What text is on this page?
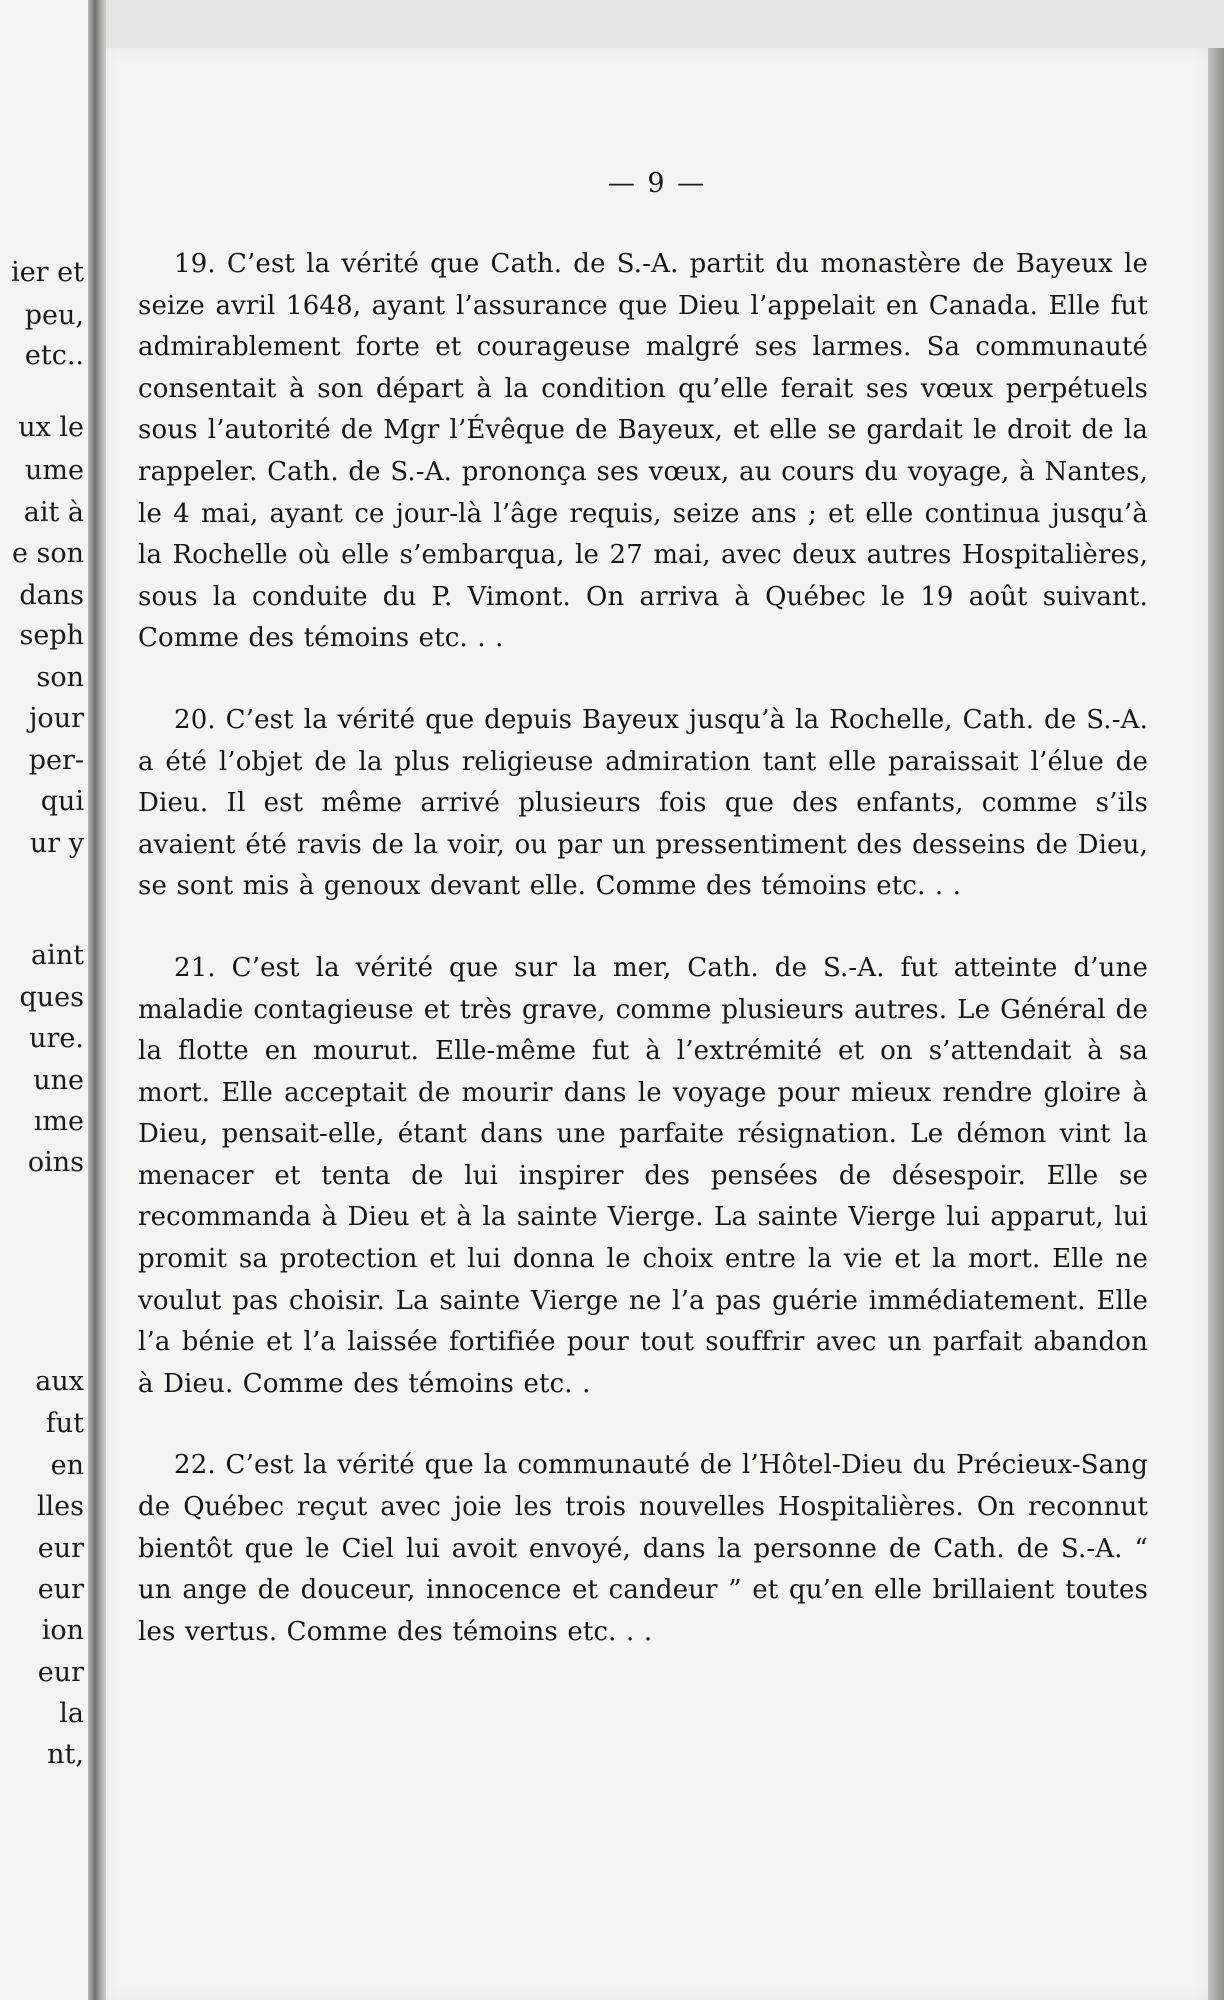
ier et
peu,
etc..
ux le
ume
ait à
e son
dans
seph
son
jour
per-
qui
ur y
aint
ques
ure.
une
ıme
oins
aux
fut
en
lles
eur
eur
ion
eur
la
nt,
— 9 —

19. C’est la vérité que Cath. de S.-A. partit du monastère de Bayeux le seize avril 1648, ayant l’assurance que Dieu l’appelait en Canada. Elle fut admirablement forte et courageuse malgré ses larmes. Sa communauté consentait à son départ à la condition qu’elle ferait ses vœux perpétuels sous l’autorité de Mgr l’Évêque de Bayeux, et elle se gardait le droit de la rappeler. Cath. de S.-A. prononça ses vœux, au cours du voyage, à Nantes, le 4 mai, ayant ce jour-là l’âge requis, seize ans ; et elle continua jusqu’à la Rochelle où elle s’embarqua, le 27 mai, avec deux autres Hospitalières, sous la conduite du P. Vimont. On arriva à Québec le 19 août suivant. Comme des témoins etc. . .

20. C’est la vérité que depuis Bayeux jusqu’à la Rochelle, Cath. de S.-A. a été l’objet de la plus religieuse admiration tant elle paraissait l’élue de Dieu. Il est même arrivé plusieurs fois que des enfants, comme s’ils avaient été ravis de la voir, ou par un pressentiment des desseins de Dieu, se sont mis à genoux devant elle. Comme des témoins etc. . .

21. C’est la vérité que sur la mer, Cath. de S.-A. fut atteinte d’une maladie contagieuse et très grave, comme plusieurs autres. Le Général de la flotte en mourut. Elle-même fut à l’extrémité et on s’attendait à sa mort. Elle acceptait de mourir dans le voyage pour mieux rendre gloire à Dieu, pensait-elle, étant dans une parfaite résignation. Le démon vint la menacer et tenta de lui inspirer des pensées de désespoir. Elle se recommanda à Dieu et à la sainte Vierge. La sainte Vierge lui apparut, lui promit sa protection et lui donna le choix entre la vie et la mort. Elle ne voulut pas choisir. La sainte Vierge ne l’a pas guérie immédiatement. Elle l’a bénie et l’a laissée fortifiée pour tout souffrir avec un parfait abandon à Dieu. Comme des témoins etc. .

22. C’est la vérité que la communauté de l’Hôtel-Dieu du Précieux-Sang de Québec reçut avec joie les trois nouvelles Hospitalières. On reconnut bientôt que le Ciel lui avoit envoyé, dans la personne de Cath. de S.-A. “ un ange de douceur, innocence et candeur ” et qu’en elle brillaient toutes les vertus. Comme des témoins etc. . .
